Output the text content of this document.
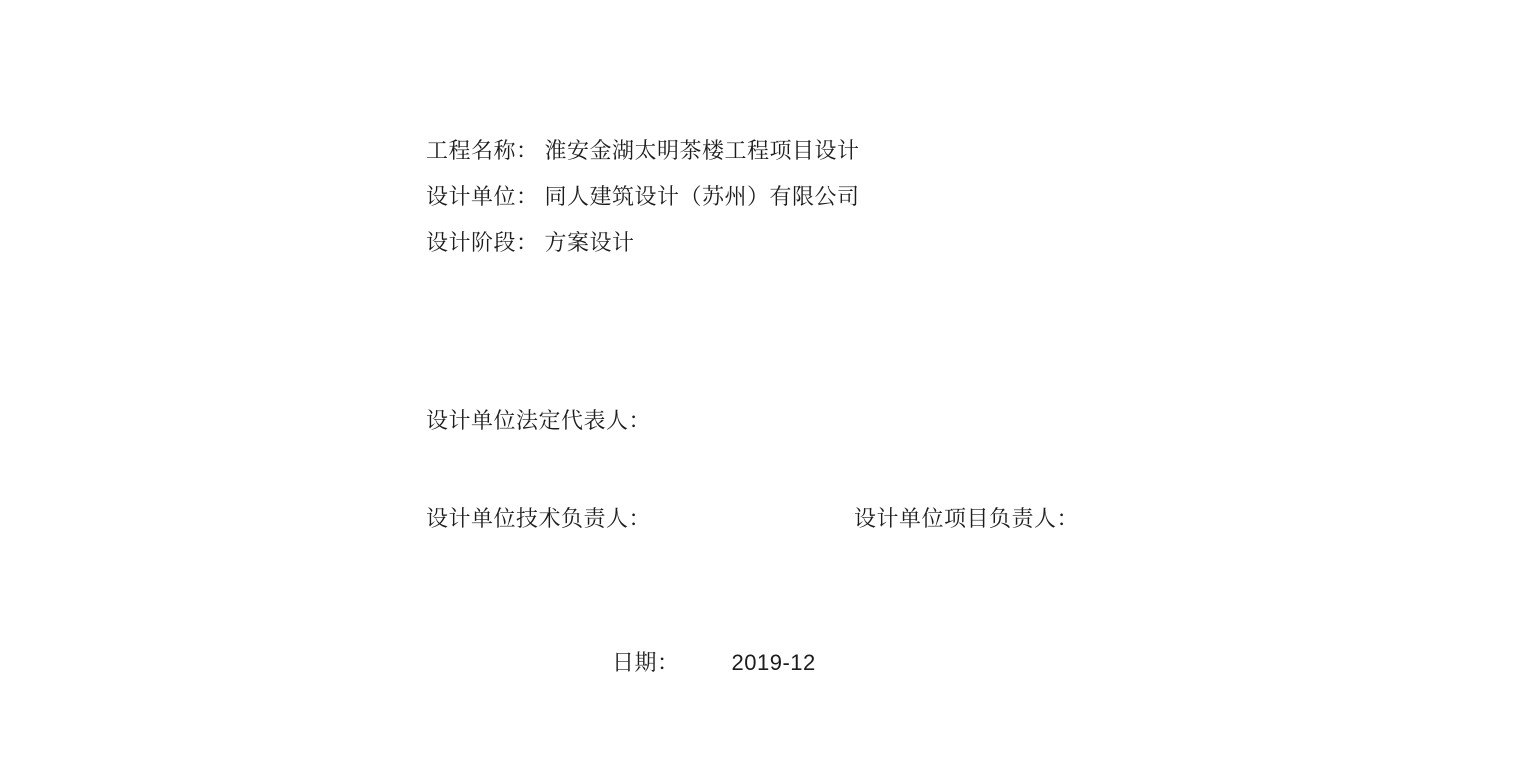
工程名称： 淮安金湖太明茶楼工程项目设计
设计单位： 同人建筑设计（苏州）有限公司
设计阶段： 方案设计
设计单位法定代表人：
设计单位技术负责人：	设计单位项目负责人：
日期： 2019-12
